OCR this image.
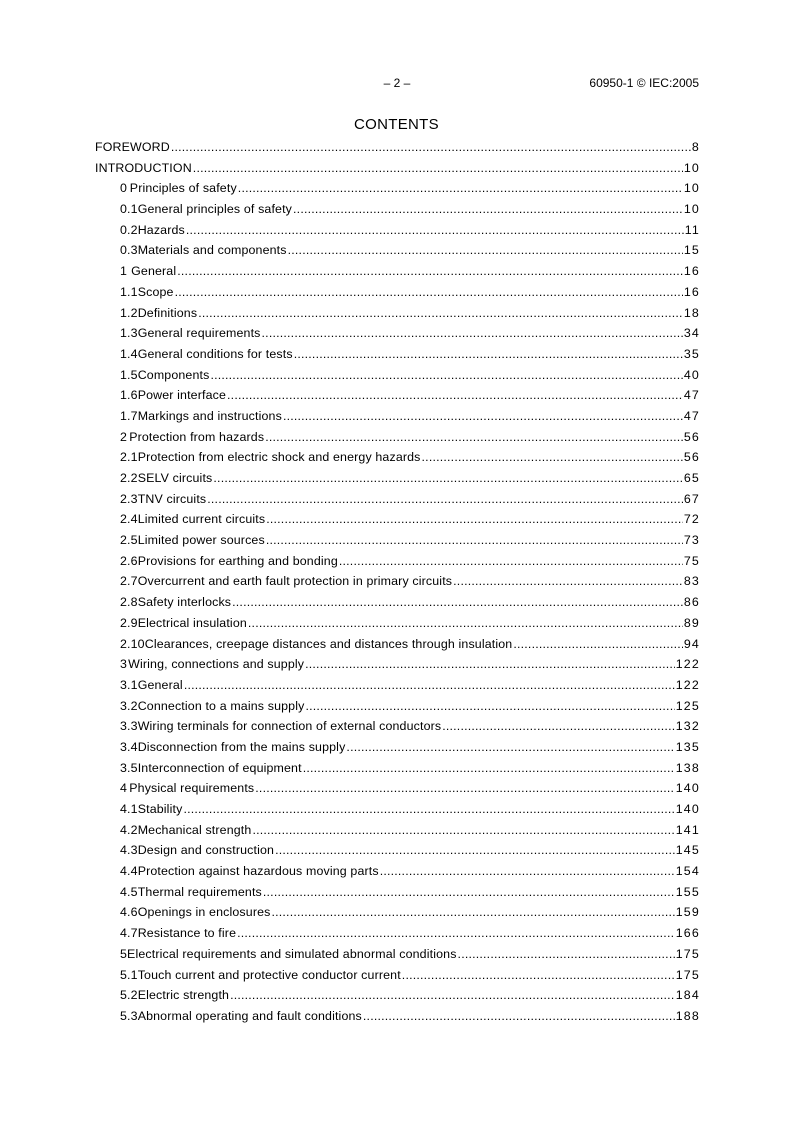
– 2 –	60950-1 © IEC:2005
CONTENTS
FOREWORD .....	8
INTRODUCTION .....	10
0 Principles of safety .....	10
0.1 General principles of safety .....	10
0.2 Hazards .....	11
0.3 Materials and components .....	15
1 General .....	16
1.1 Scope .....	16
1.2 Definitions .....	18
1.3 General requirements .....	34
1.4 General conditions for tests .....	35
1.5 Components .....	40
1.6 Power interface .....	47
1.7 Markings and instructions .....	47
2 Protection from hazards .....	56
2.1 Protection from electric shock and energy hazards .....	56
2.2 SELV circuits .....	65
2.3 TNV circuits .....	67
2.4 Limited current circuits .....	72
2.5 Limited power sources .....	73
2.6 Provisions for earthing and bonding .....	75
2.7 Overcurrent and earth fault protection in primary circuits .....	83
2.8 Safety interlocks .....	86
2.9 Electrical insulation .....	89
2.10 Clearances, creepage distances and distances through insulation .....	94
3 Wiring, connections and supply .....	122
3.1 General .....	122
3.2 Connection to a mains supply .....	125
3.3 Wiring terminals for connection of external conductors .....	132
3.4 Disconnection from the mains supply .....	135
3.5 Interconnection of equipment .....	138
4 Physical requirements .....	140
4.1 Stability .....	140
4.2 Mechanical strength .....	141
4.3 Design and construction .....	145
4.4 Protection against hazardous moving parts .....	154
4.5 Thermal requirements .....	155
4.6 Openings in enclosures .....	159
4.7 Resistance to fire .....	166
5 Electrical requirements and simulated abnormal conditions .....	175
5.1 Touch current and protective conductor current .....	175
5.2 Electric strength .....	184
5.3 Abnormal operating and fault conditions .....	188
